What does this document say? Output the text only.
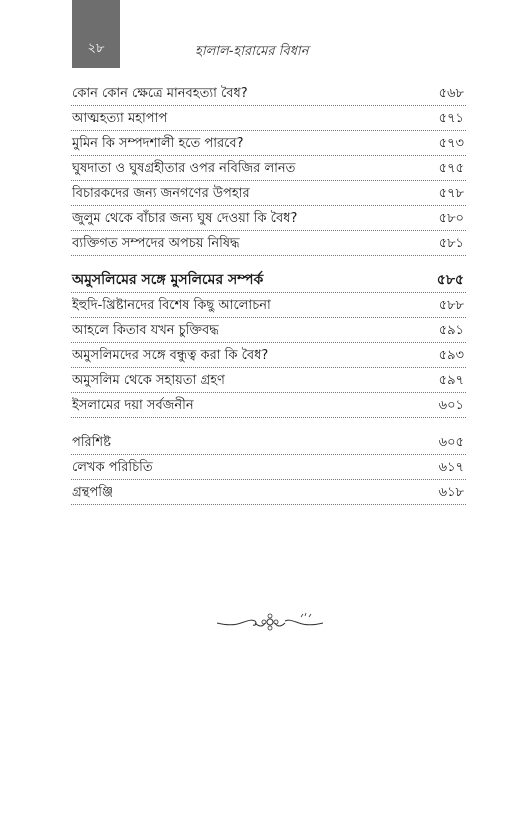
২৮	হালাল-হারামের বিধান
কোন কোন ক্ষেত্রে মানবহত্যা বৈধ?	৫৬৮
আত্মহত্যা মহাপাপ	৫৭১
মুমিন কি সম্পদশালী হতে পারবে?	৫৭৩
ঘুষদাতা ও ঘুষগ্রহীতার ওপর নবিজির লানত	৫৭৫
বিচারকদের জন্য জনগণের উপহার	৫৭৮
জুলুম থেকে বাঁচার জন্য ঘুষ দেওয়া কি বৈধ?	৫৮০
ব্যক্তিগত সম্পদের অপচয় নিষিদ্ধ	৫৮১
অমুসলিমের সঙ্গে মুসলিমের সম্পর্ক	৫৮৫
ইহুদি-খ্রিষ্টানদের বিশেষ কিছু আলোচনা	৫৮৮
আহলে কিতাব যখন চুক্তিবদ্ধ	৫৯১
অমুসলিমদের সঙ্গে বন্ধুত্ব করা কি বৈধ?	৫৯৩
অমুসলিম থেকে সহায়তা গ্রহণ	৫৯৭
ইসলামের দয়া সর্বজনীন	৬০১
পরিশিষ্ট	৬০৫
লেখক পরিচিতি	৬১৭
গ্রন্থপঞ্জি	৬১৮
